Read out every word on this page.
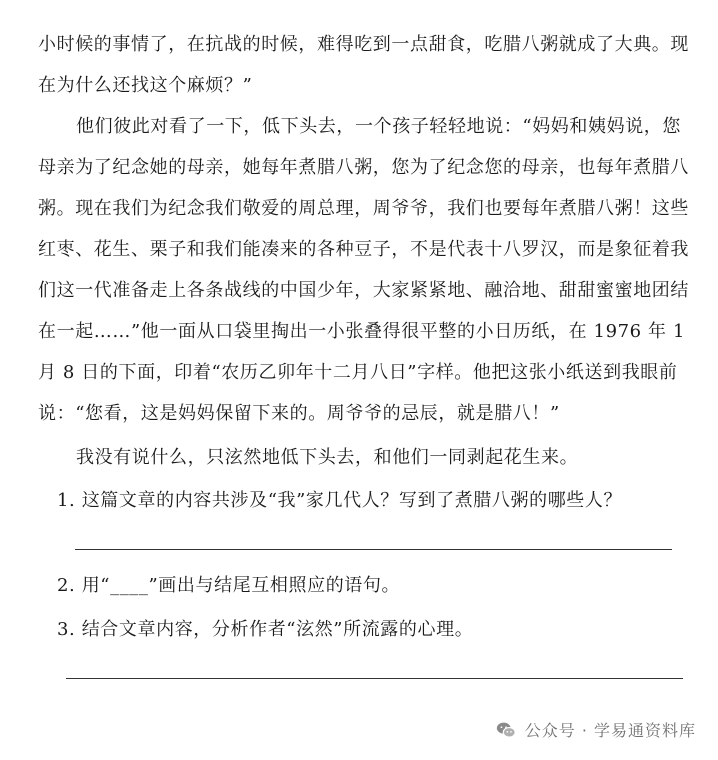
小时候的事情了，在抗战的时候，难得吃到一点甜食，吃腊八粥就成了大典。现
在为什么还找这个麻烦？”
他们彼此对看了一下，低下头去，一个孩子轻轻地说：“妈妈和姨妈说，您
母亲为了纪念她的母亲，她每年煮腊八粥，您为了纪念您的母亲，也每年煮腊八
粥。现在我们为纪念我们敬爱的周总理，周爷爷，我们也要每年煮腊八粥！这些
红枣、花生、栗子和我们能凑来的各种豆子，不是代表十八罗汉，而是象征着我
们这一代准备走上各条战线的中国少年，大家紧紧地、融洽地、甜甜蜜蜜地团结
在一起……”他一面从口袋里掏出一小张叠得很平整的小日历纸，在 1976 年 1
月 8 日的下面，印着“农历乙卯年十二月八日”字样。他把这张小纸送到我眼前
说：“您看，这是妈妈保留下来的。周爷爷的忌辰，就是腊八！”
我没有说什么，只泫然地低下头去，和他们一同剥起花生来。
1. 这篇文章的内容共涉及“我”家几代人？写到了煮腊八粥的哪些人？
2. 用“____”画出与结尾互相照应的语句。
3. 结合文章内容，分析作者“泫然”所流露的心理。
公众号 · 学易通资料库
